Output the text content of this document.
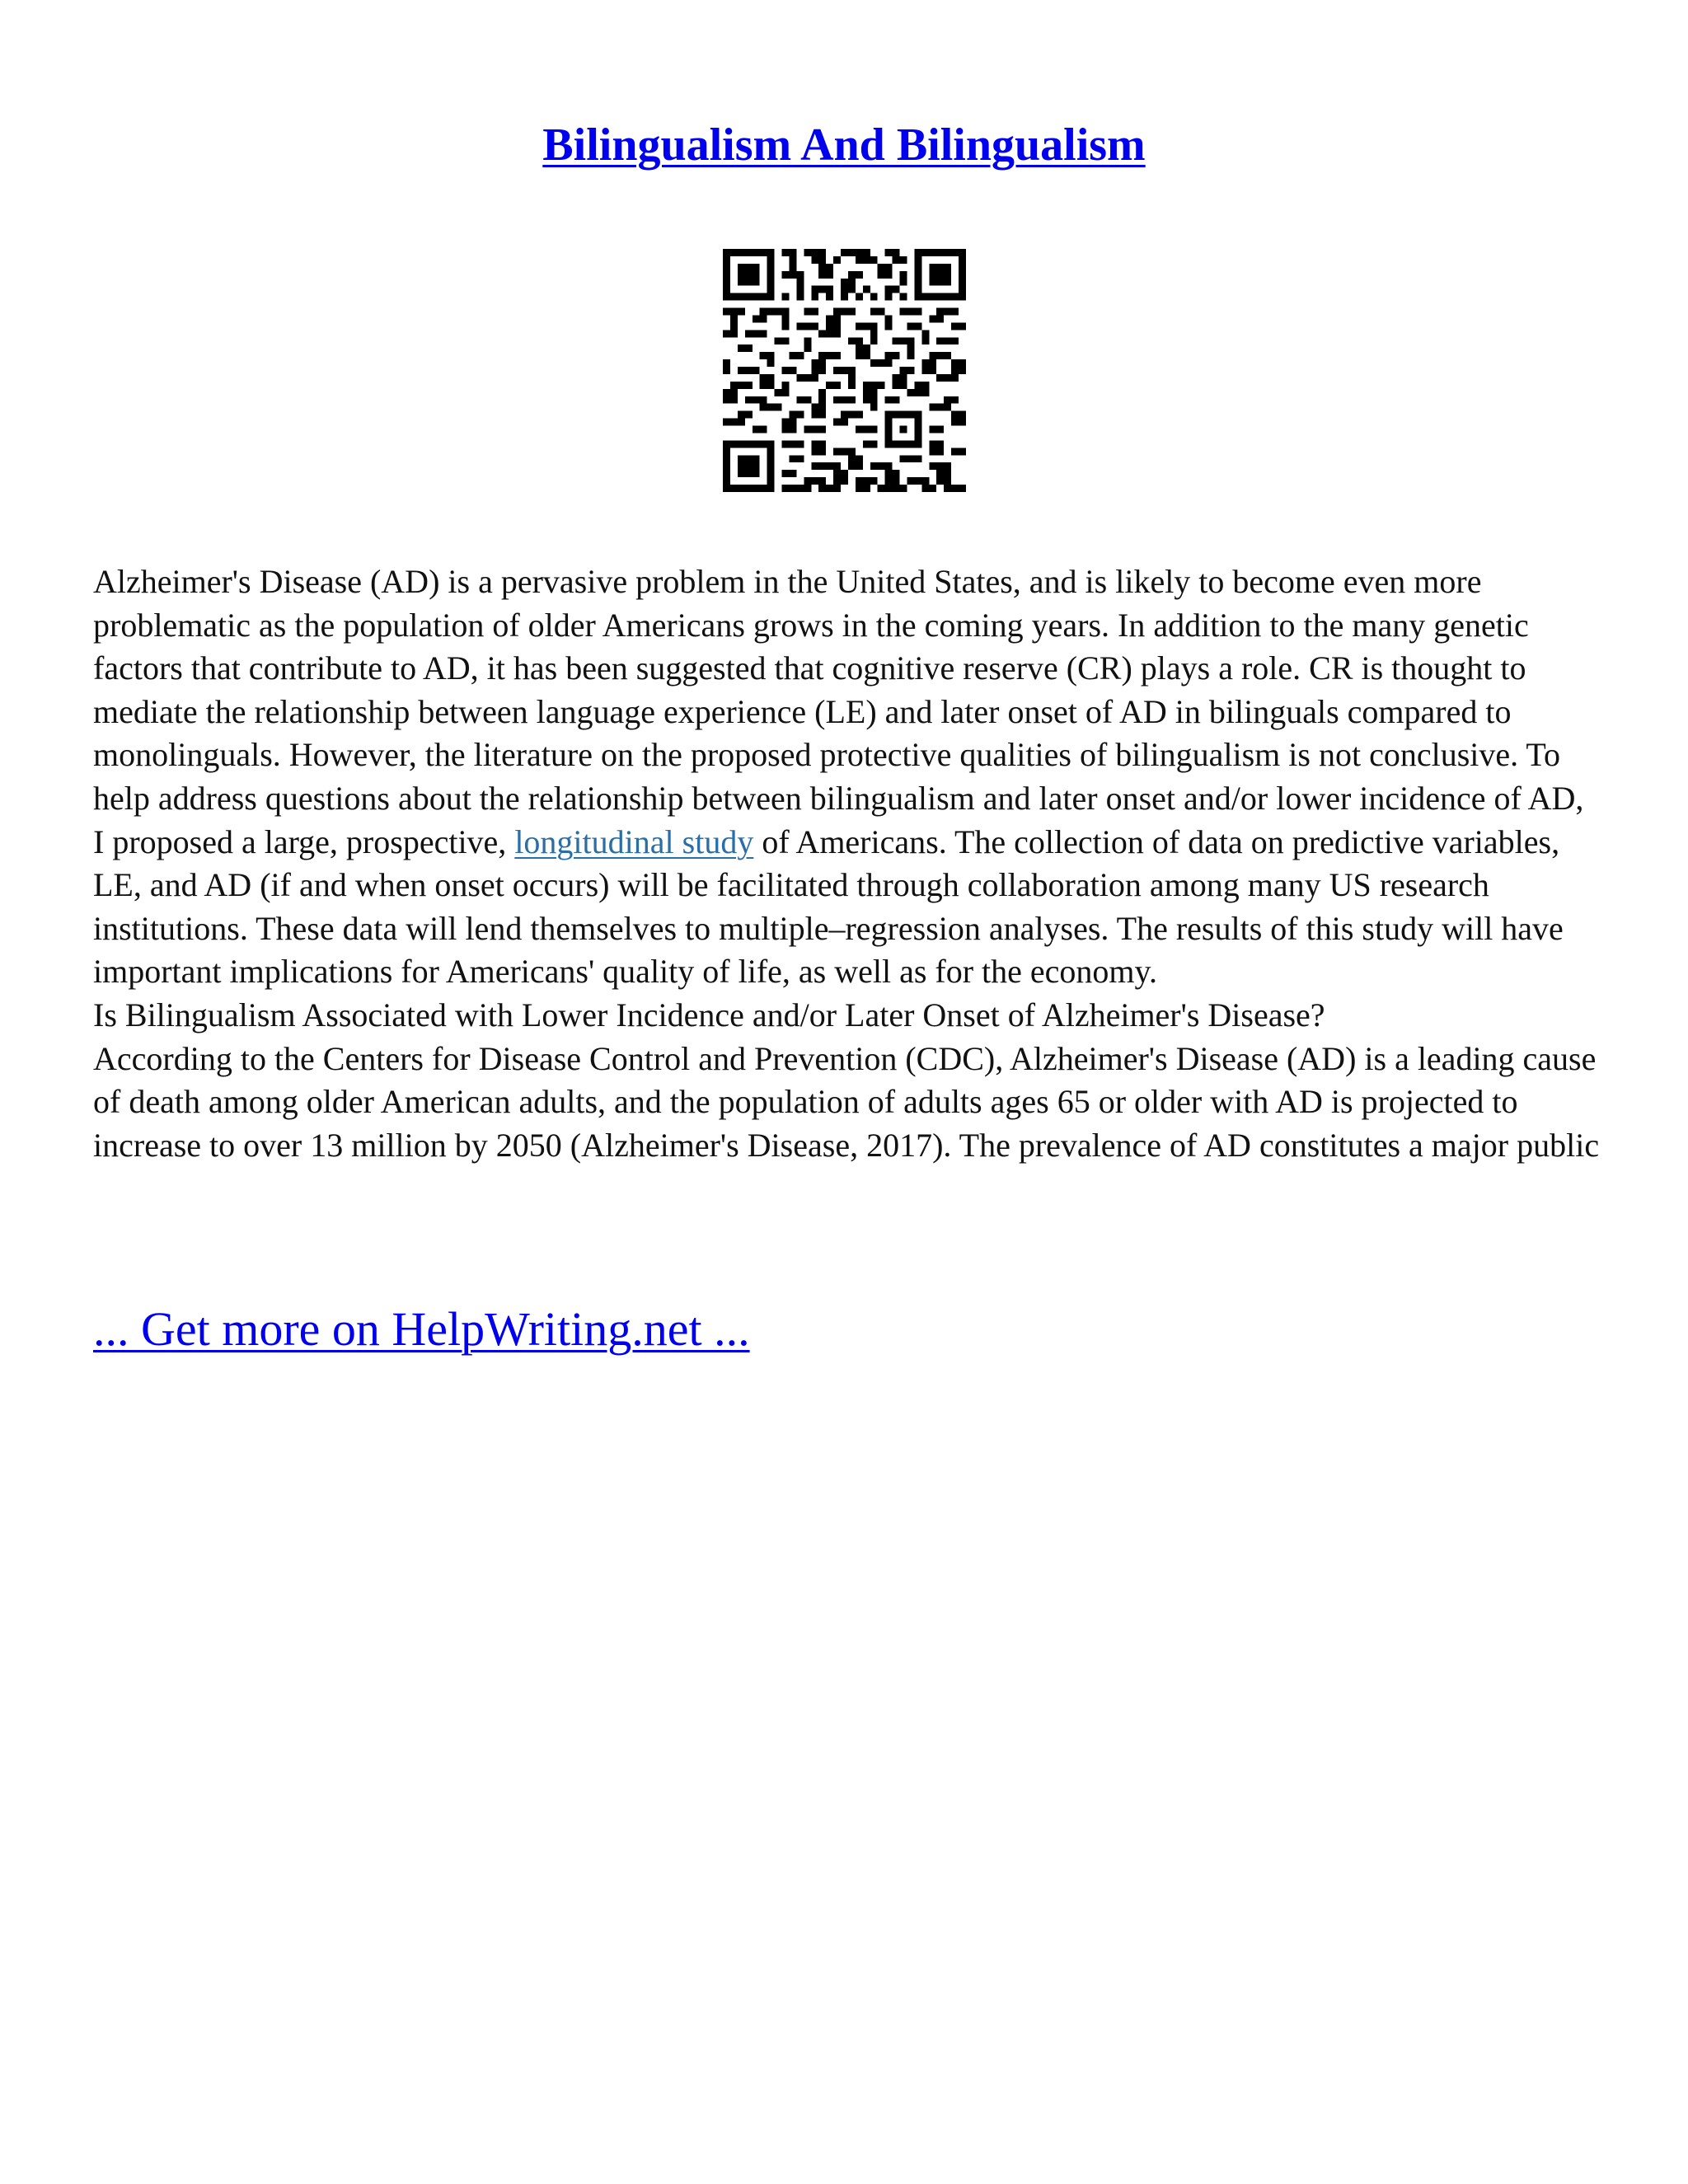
Bilingualism And Bilingualism

Alzheimer's Disease (AD) is a pervasive problem in the United States, and is likely to become even more problematic as the population of older Americans grows in the coming years. In addition to the many genetic factors that contribute to AD, it has been suggested that cognitive reserve (CR) plays a role. CR is thought to mediate the relationship between language experience (LE) and later onset of AD in bilinguals compared to monolinguals. However, the literature on the proposed protective qualities of bilingualism is not conclusive. To help address questions about the relationship between bilingualism and later onset and/or lower incidence of AD, I proposed a large, prospective, longitudinal study of Americans. The collection of data on predictive variables, LE, and AD (if and when onset occurs) will be facilitated through collaboration among many US research institutions. These data will lend themselves to multiple–regression analyses. The results of this study will have important implications for Americans' quality of life, as well as for the economy.

Is Bilingualism Associated with Lower Incidence and/or Later Onset of Alzheimer's Disease?

According to the Centers for Disease Control and Prevention (CDC), Alzheimer's Disease (AD) is a leading cause of death among older American adults, and the population of adults ages 65 or older with AD is projected to increase to over 13 million by 2050 (Alzheimer's Disease, 2017). The prevalence of AD constitutes a major public

... Get more on HelpWriting.net ...
